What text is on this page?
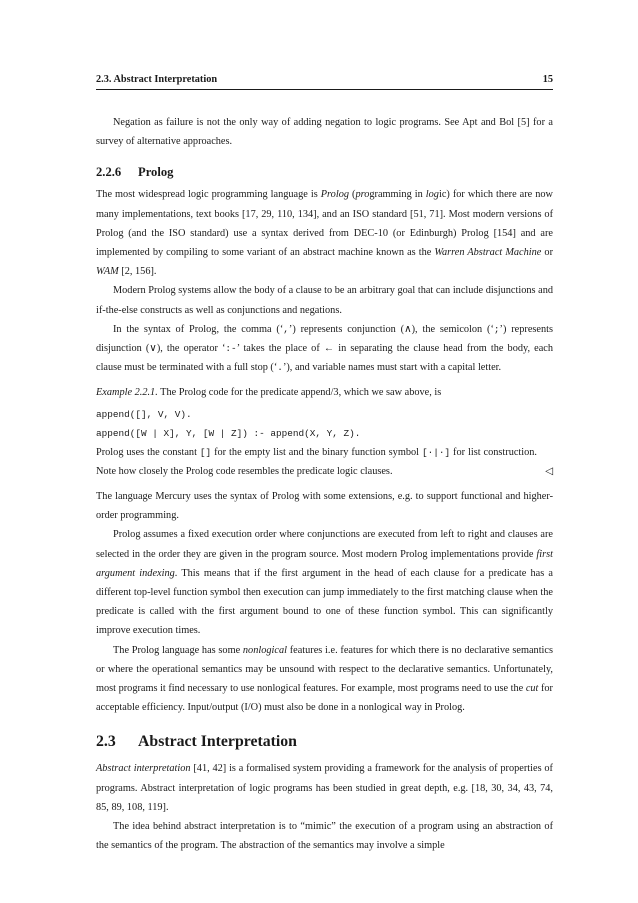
2.3. Abstract Interpretation	15

Negation as failure is not the only way of adding negation to logic programs. See Apt and Bol [5] for a survey of alternative approaches.

2.2.6 Prolog

The most widespread logic programming language is Prolog (programming in logic) for which there are now many implementations, text books [17, 29, 110, 134], and an ISO standard [51, 71]. Most modern versions of Prolog (and the ISO standard) use a syntax derived from DEC-10 (or Edinburgh) Prolog [154] and are implemented by compiling to some variant of an abstract machine known as the Warren Abstract Machine or WAM [2, 156].

Modern Prolog systems allow the body of a clause to be an arbitrary goal that can include disjunctions and if-the-else constructs as well as conjunctions and negations.

In the syntax of Prolog, the comma (‘,’) represents conjunction (∧), the semicolon (‘;’) represents disjunction (∨), the operator ‘:-’ takes the place of ← in separating the clause head from the body, each clause must be terminated with a full stop (‘.’), and variable names must start with a capital letter.

Example 2.2.1. The Prolog code for the predicate append/3, which we saw above, is

append([], V, V).
append([W | X], Y, [W | Z]) :- append(X, Y, Z).

Prolog uses the constant [] for the empty list and the binary function symbol [·|·] for list construction. Note how closely the Prolog code resembles the predicate logic clauses.	◁

The language Mercury uses the syntax of Prolog with some extensions, e.g. to support functional and higher-order programming.

Prolog assumes a fixed execution order where conjunctions are executed from left to right and clauses are selected in the order they are given in the program source. Most modern Prolog implementations provide first argument indexing. This means that if the first argument in the head of each clause for a predicate has a different top-level function symbol then execution can jump immediately to the first matching clause when the predicate is called with the first argument bound to one of these function symbol. This can significantly improve execution times.

The Prolog language has some nonlogical features i.e. features for which there is no declarative semantics or where the operational semantics may be unsound with respect to the declarative semantics. Unfortunately, most programs it find necessary to use nonlogical features. For example, most programs need to use the cut for acceptable efficiency. Input/output (I/O) must also be done in a nonlogical way in Prolog.

2.3 Abstract Interpretation

Abstract interpretation [41, 42] is a formalised system providing a framework for the analysis of properties of programs. Abstract interpretation of logic programs has been studied in great depth, e.g. [18, 30, 34, 43, 74, 85, 89, 108, 119].

The idea behind abstract interpretation is to “mimic” the execution of a program using an abstraction of the semantics of the program. The abstraction of the semantics may involve a simple
